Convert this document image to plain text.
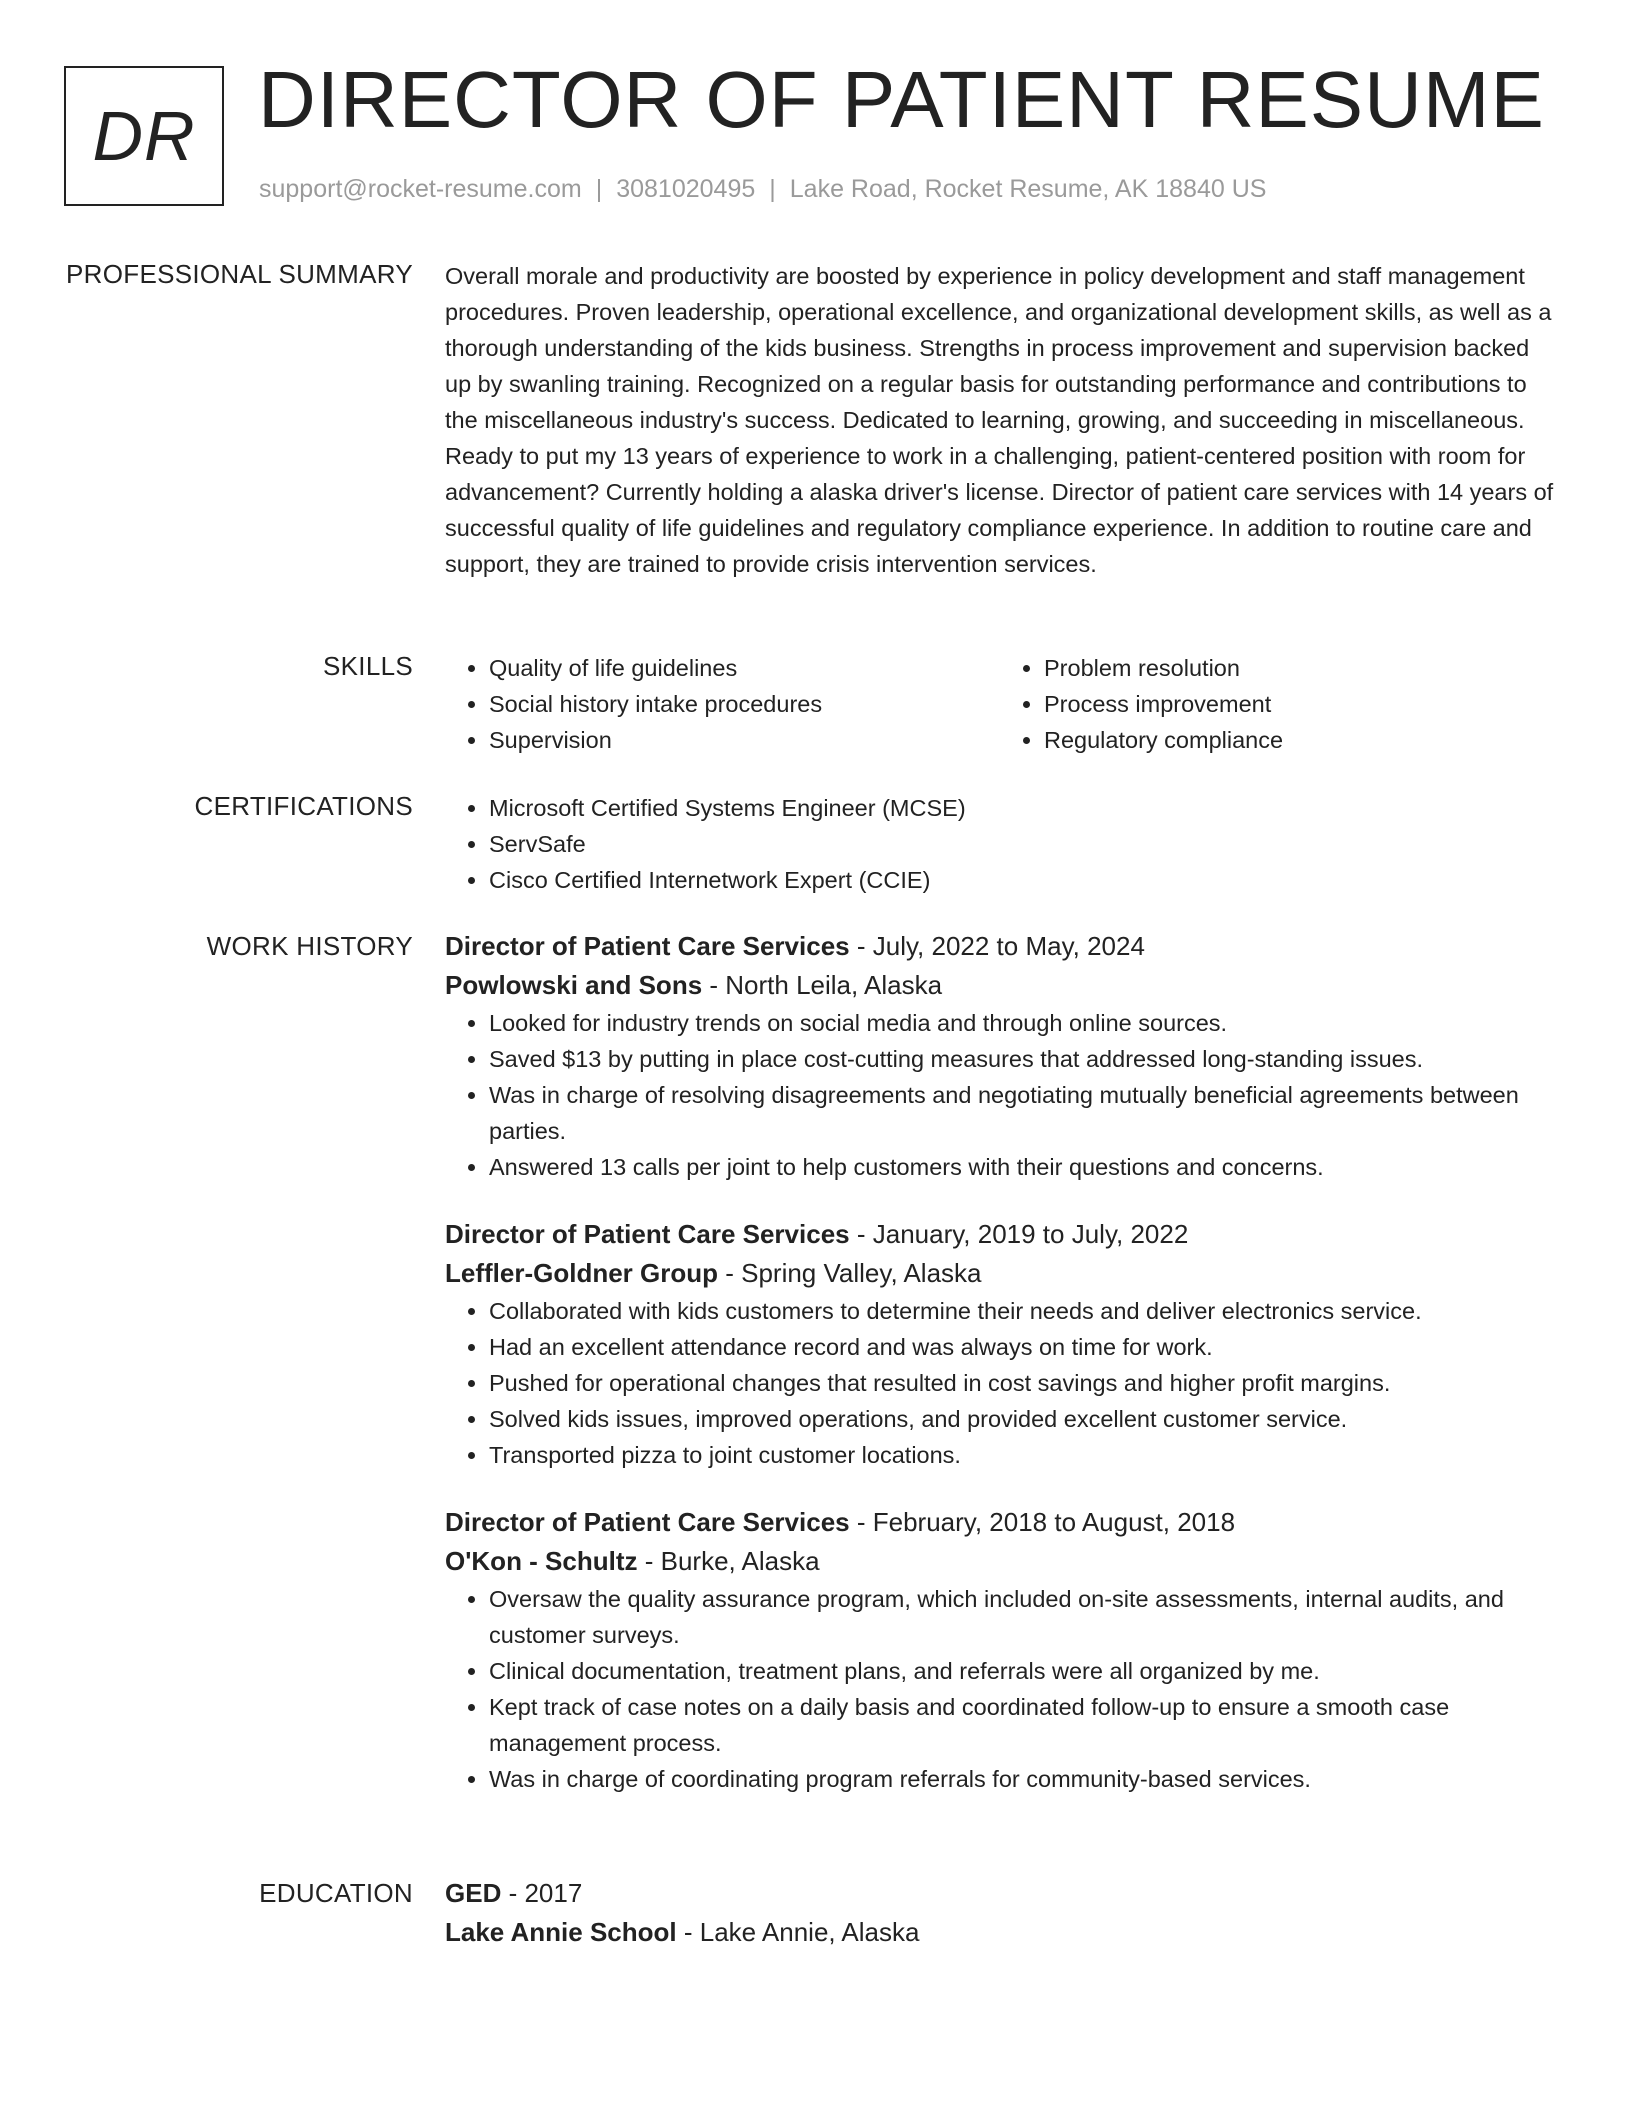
DR DIRECTOR OF PATIENT RESUME
support@rocket-resume.com | 3081020495 | Lake Road, Rocket Resume, AK 18840 US
PROFESSIONAL SUMMARY Overall morale and productivity are boosted by experience in policy development and staff management procedures. Proven leadership, operational excellence, and organizational development skills, as well as a thorough understanding of the kids business. Strengths in process improvement and supervision backed up by swanling training. Recognized on a regular basis for outstanding performance and contributions to the miscellaneous industry's success. Dedicated to learning, growing, and succeeding in miscellaneous. Ready to put my 13 years of experience to work in a challenging, patient-centered position with room for advancement? Currently holding a alaska driver's license. Director of patient care services with 14 years of successful quality of life guidelines and regulatory compliance experience. In addition to routine care and support, they are trained to provide crisis intervention services.

SKILLS	• Quality of life guidelines
• Social history intake procedures
• Supervision
• Problem resolution
• Process improvement
• Regulatory compliance
CERTIFICATIONS	• Microsoft Certified Systems Engineer (MCSE)
• ServSafe
• Cisco Certified Internetwork Expert (CCIE)
WORK HISTORY Director of Patient Care Services - July, 2022 to May, 2024
Powlowski and Sons - North Leila, Alaska
• Looked for industry trends on social media and through online sources.
• Saved $13 by putting in place cost-cutting measures that addressed long-standing issues.
• Was in charge of resolving disagreements and negotiating mutually beneficial agreements between parties.
• Answered 13 calls per joint to help customers with their questions and concerns.
Director of Patient Care Services - January, 2019 to July, 2022
Leffler-Goldner Group - Spring Valley, Alaska
• Collaborated with kids customers to determine their needs and deliver electronics service.
• Had an excellent attendance record and was always on time for work.
• Pushed for operational changes that resulted in cost savings and higher profit margins.
• Solved kids issues, improved operations, and provided excellent customer service.
• Transported pizza to joint customer locations.
Director of Patient Care Services - February, 2018 to August, 2018
O'Kon - Schultz - Burke, Alaska
• Oversaw the quality assurance program, which included on-site assessments, internal audits, and customer surveys.
• Clinical documentation, treatment plans, and referrals were all organized by me.
• Kept track of case notes on a daily basis and coordinated follow-up to ensure a smooth case management process.
• Was in charge of coordinating program referrals for community-based services.
EDUCATION GED - 2017
Lake Annie School - Lake Annie, Alaska
